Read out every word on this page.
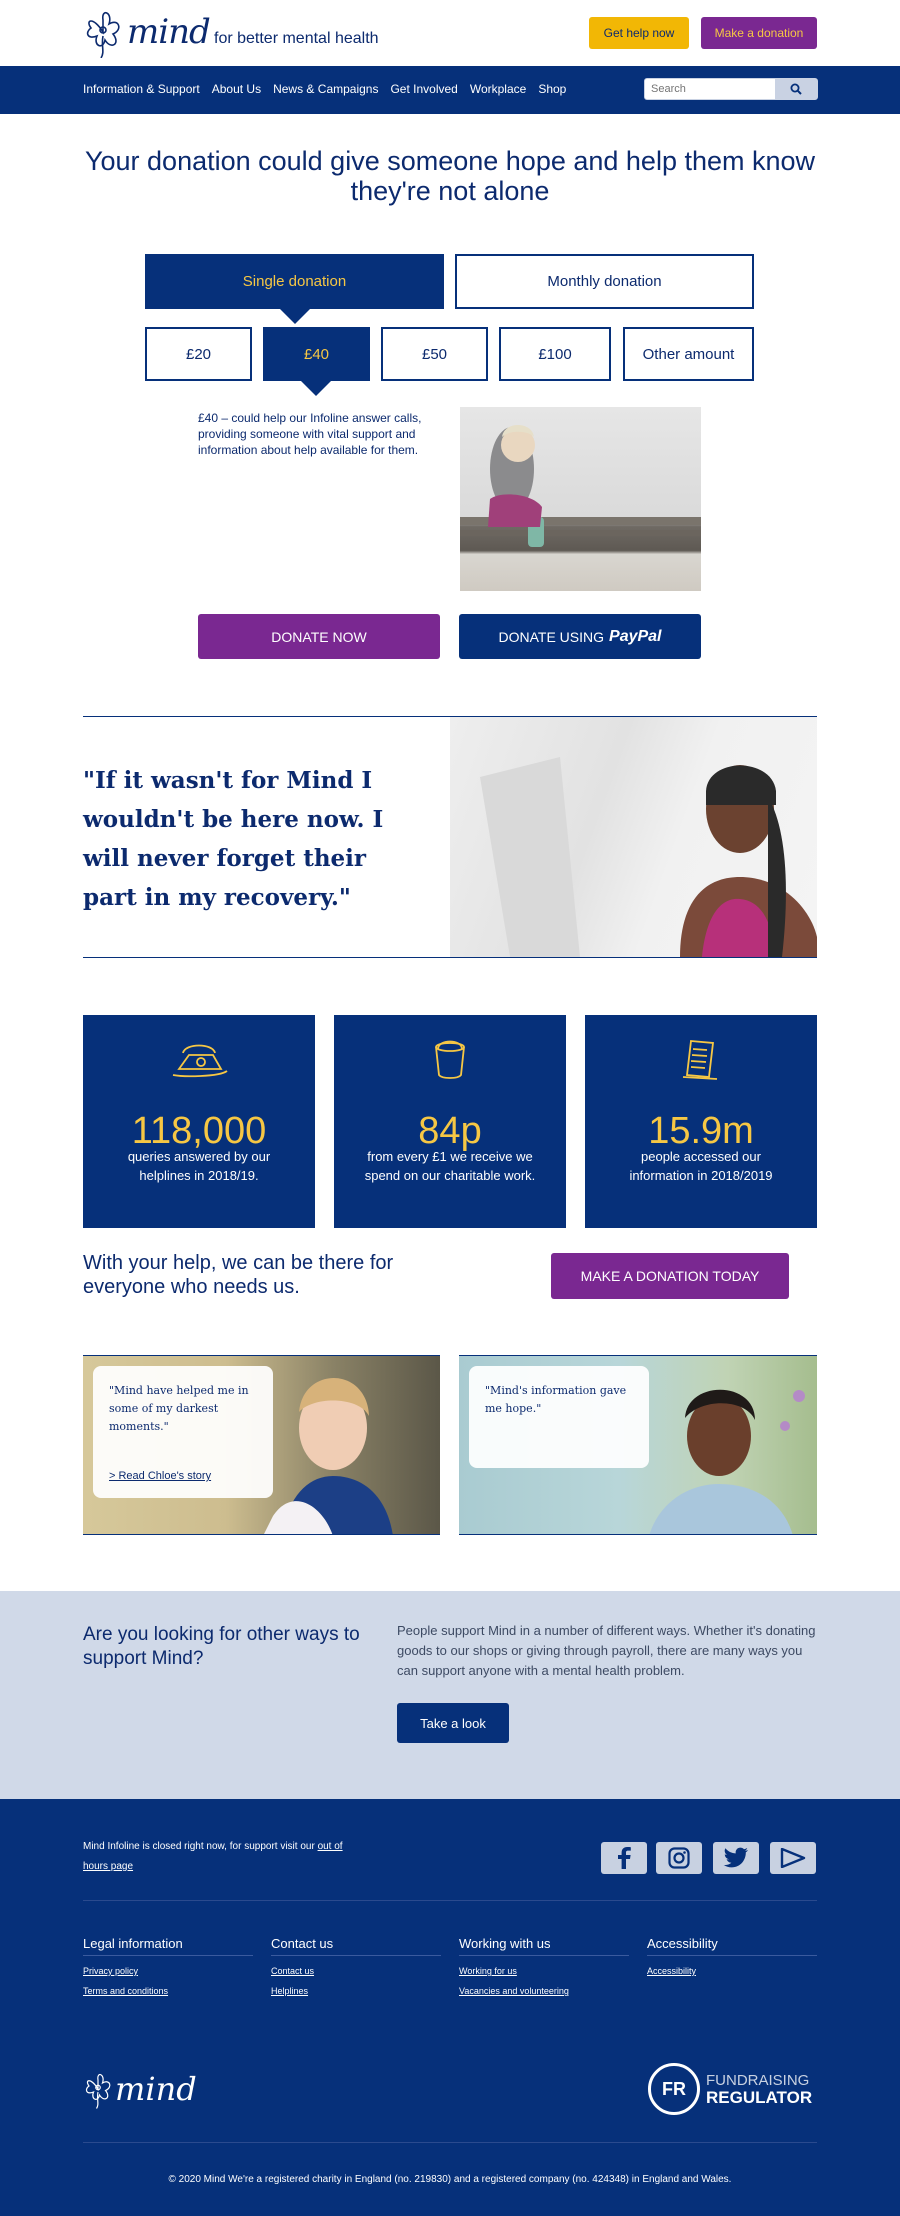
mind for better mental health	Get help now	Make a donation
Information & Support About Us News & Campaigns Get Involved Workplace Shop
Search
Your donation could give someone hope and help them know they're not alone
Single donation	Monthly donation
£20	£40	£50	£100	Other amount

£40 – could help our Infoline answer calls, providing someone with vital support and information about help available for them.

DONATE NOW	DONATE USING PayPal

"If it wasn't for Mind I wouldn't be here now. I will never forget their part in my recovery."

118,000
queries answered by our helplines in 2018/19.
84p
from every £1 we receive we spend on our charitable work.
15.9m
people accessed our information in 2018/2019

With your help, we can be there for everyone who needs us.	MAKE A DONATION TODAY

"Mind have helped me in some of my darkest moments."

> Read Chloe's story

"Mind's information gave me hope."

Are you looking for other ways to support Mind?

People support Mind in a number of different ways. Whether it's donating goods to our shops or giving through payroll, there are many ways you can support anyone with a mental health problem.

Take a look

Mind Infoline is closed right now, for support visit our out of hours page

Legal information
Privacy policy
Terms and conditions
Contact us
Contact us
Helplines
Working with us
Working for us
Vacancies and volunteering
Accessibility
Accessibility
mind	FR	FUNDRAISING
REGULATOR

© 2020 Mind We're a registered charity in England (no. 219830) and a registered company (no. 424348) in England and Wales.
